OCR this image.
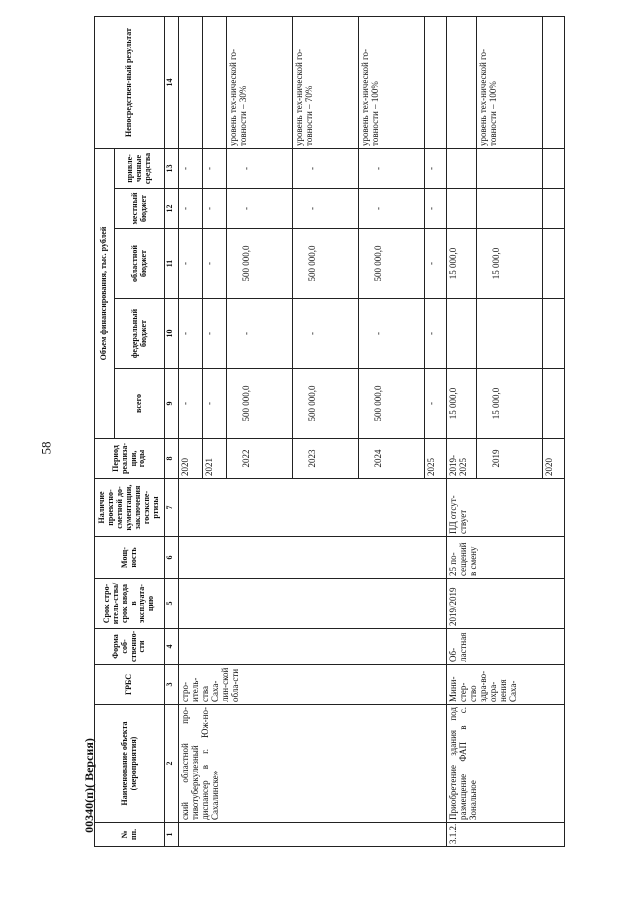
58
№ пп.	Наименование объекта (мероприятия)	ГРБС	Форма соб-ственно-сти	Срок стро-итель-ства/срок ввода в эксплуата-цию	Мощ-ность	Наличие проектно-сметной до-кументации, заключения госэкспе-ртизы	Период реализа-ции, годы	Объем финансирования, тыс. рублей					Непосредствен-ный результат
								всего	федеральный бюджет	областной бюджет	местный бюджет	привле-ченные средства	
1	2	3	4	5	6	7	8	9	10	11	12	13	14
	ский областной про-тивотуберкулезный диспансер в г. Юж-но-Сахалинске»	стро-итель-ства Саха-лин-ской обла-сти					2020	-	-	-	-	-	
							2021	-	-	-	-	-	
							2022	500 000,0	-	500 000,0	-	-	уровень тех-нической го-товности – 30%
							2023	500 000,0	-	500 000,0	-	-	уровень тех-нической го-товности – 70%
							2024	500 000,0	-	500 000,0	-	-	уровень тех-нической го-товности – 100%
							2025	-	-	-	-	-	
3.1.2.	Приобретение здания под размещение ФАП в с. Зональное	Мини-стер-ство здра-во-охра-нения Саха-	Об-ластная	2019/2019	25 по-сещений в смену	ПД отсут-ствует	2019-2025	15 000,0		15 000,0			
							2019	15 000,0		15 000,0			уровень тех-нической го-товности – 100%
							2020						
00340(п)( Версия)
